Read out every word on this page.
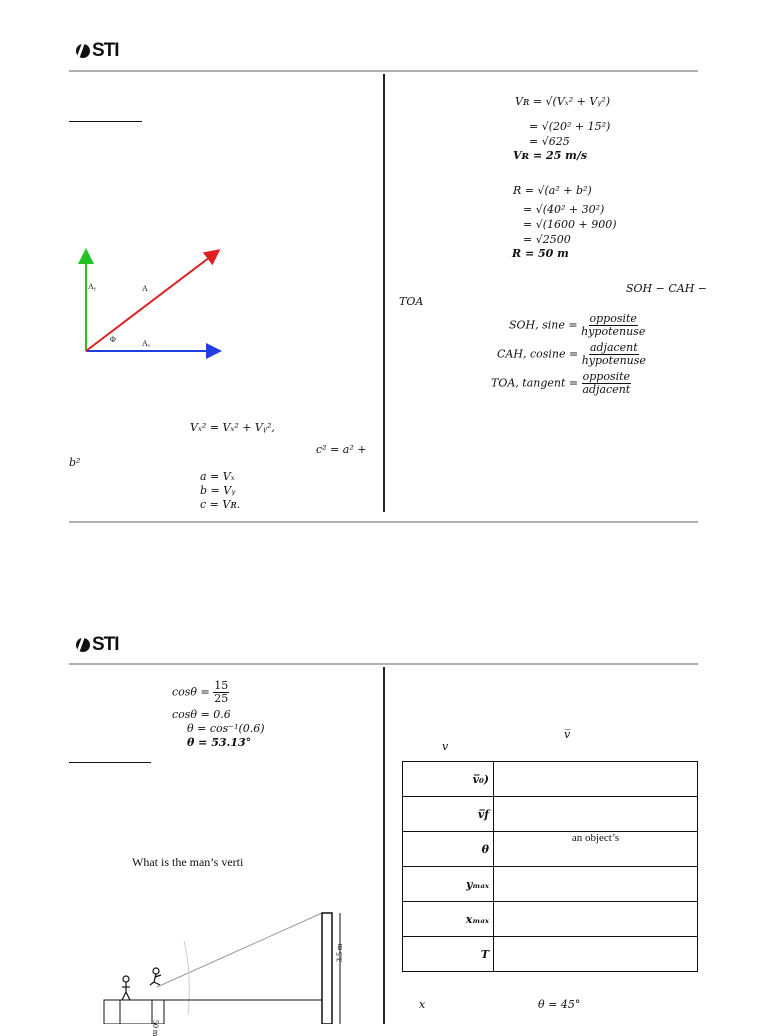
STI
Aᵧ	A
Φ	Aₓ
Vₓ² = Vₓ² + Vᵧ²,
c² = a² +
b²
a = Vₓ
b = Vᵧ
c = Vʀ.
Vʀ = √(Vₓ² + Vᵧ²)
= √(20² + 15²)
= √625
Vʀ = 25 m/s
R = √(a² + b²)
= √(40² + 30²)
= √(1600 + 900)
= √2500
R = 50 m
SOH − CAH −
TOA
SOH, $\sin e = \frac{\text{opposite}}{\text{hypotenuse}}$
CAH, $cosine = \frac{\text{adjacent}}{\text{hypotenuse}}$
TOA, tangent = $\frac{\text{opposite}}{\text{adjacent}}$
STI
$\cos\theta = \frac{15}{25}$
cosθ = 0.6
θ = cos⁻¹(0.6)
θ = 53.13°
What is the man’s verti
3.5 m
50 m
v̅
v
v̅₀)	
v̅f	
θ	an object’s
yₘₐₓ	
xₘₐₓ	
T	
x	θ = 45°
